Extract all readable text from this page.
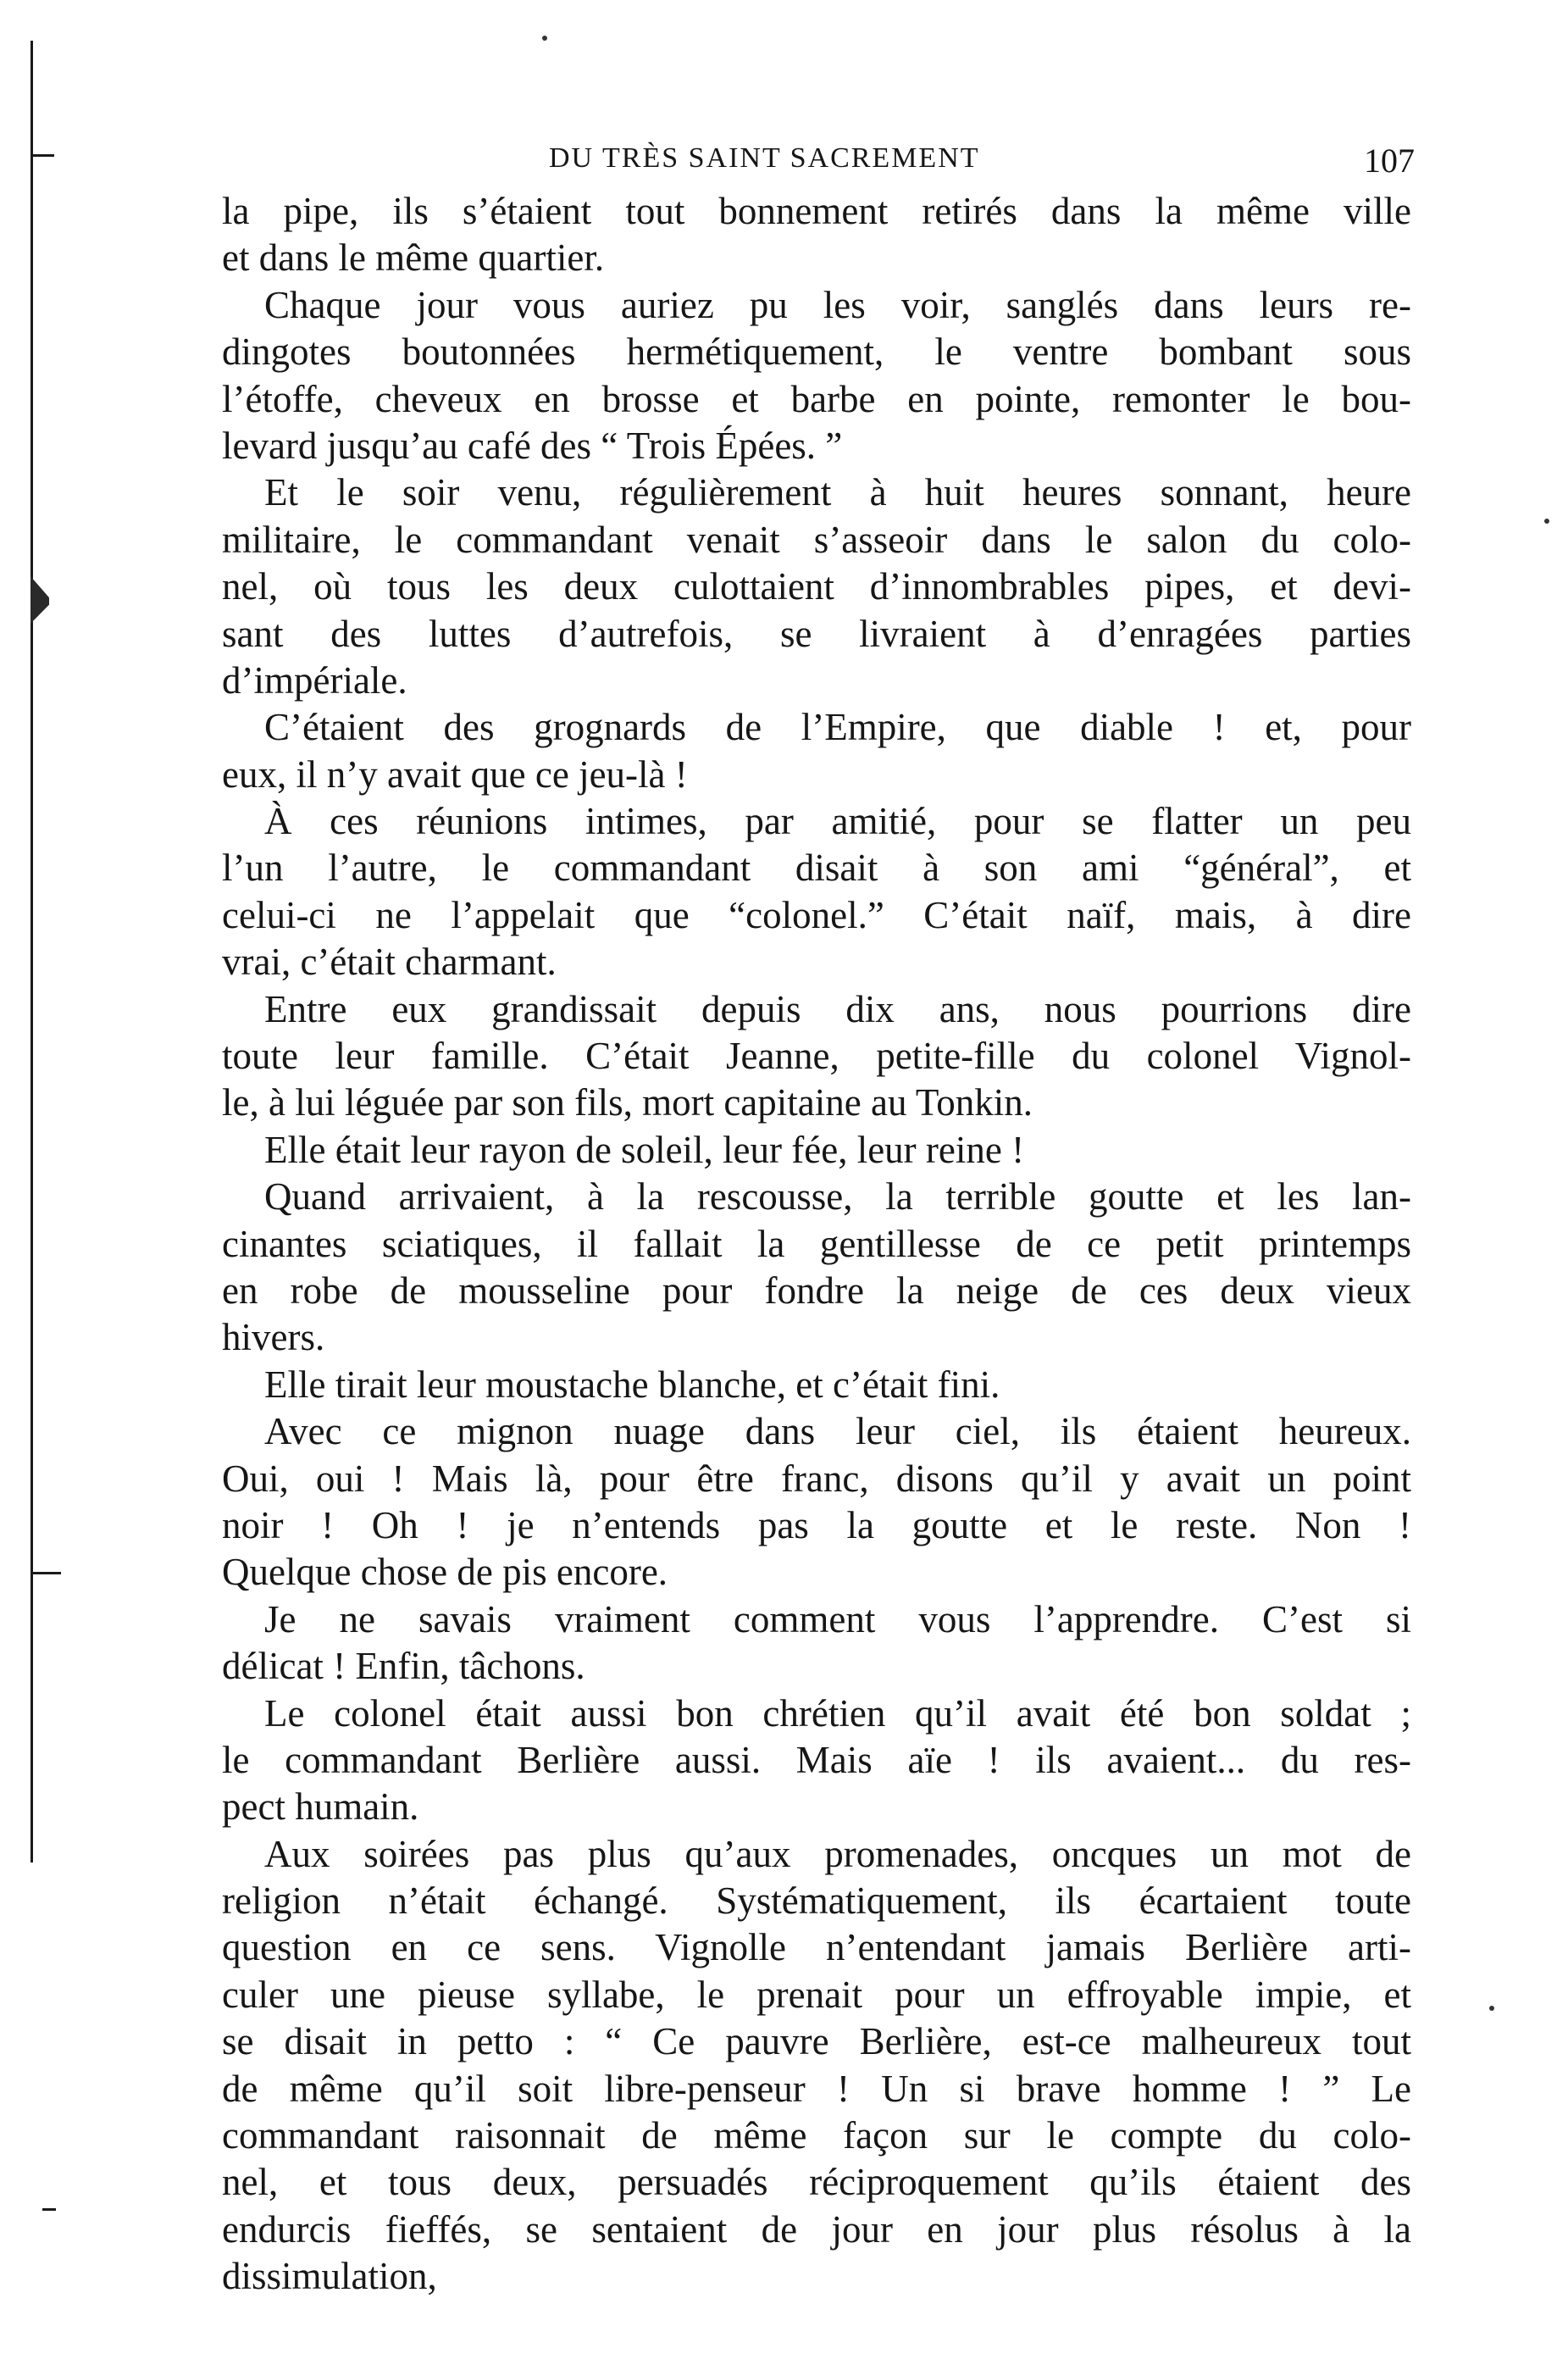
DU TRÈS SAINT SACREMENT	107
la pipe, ils s’étaient tout bonnement retirés dans la même ville
et dans le même quartier.
Chaque jour vous auriez pu les voir, sanglés dans leurs re-
dingotes boutonnées hermétiquement, le ventre bombant sous
l’étoffe, cheveux en brosse et barbe en pointe, remonter le bou-
levard jusqu’au café des “ Trois Épées. ”
Et le soir venu, régulièrement à huit heures sonnant, heure
militaire, le commandant venait s’asseoir dans le salon du colo-
nel, où tous les deux culottaient d’innombrables pipes, et devi-
sant des luttes d’autrefois, se livraient à d’enragées parties
d’impériale.
C’étaient des grognards de l’Empire, que diable ! et, pour
eux, il n’y avait que ce jeu-là !
À ces réunions intimes, par amitié, pour se flatter un peu
l’un l’autre, le commandant disait à son ami “général”, et
celui-ci ne l’appelait que “colonel.” C’était naïf, mais, à dire
vrai, c’était charmant.
Entre eux grandissait depuis dix ans, nous pourrions dire
toute leur famille. C’était Jeanne, petite-fille du colonel Vignol-
le, à lui léguée par son fils, mort capitaine au Tonkin.
Elle était leur rayon de soleil, leur fée, leur reine !
Quand arrivaient, à la rescousse, la terrible goutte et les lan-
cinantes sciatiques, il fallait la gentillesse de ce petit printemps
en robe de mousseline pour fondre la neige de ces deux vieux
hivers.
Elle tirait leur moustache blanche, et c’était fini.
Avec ce mignon nuage dans leur ciel, ils étaient heureux.
Oui, oui ! Mais là, pour être franc, disons qu’il y avait un point
noir ! Oh ! je n’entends pas la goutte et le reste. Non !
Quelque chose de pis encore.
Je ne savais vraiment comment vous l’apprendre. C’est si
délicat ! Enfin, tâchons.
Le colonel était aussi bon chrétien qu’il avait été bon soldat ;
le commandant Berlière aussi. Mais aïe ! ils avaient... du res-
pect humain.
Aux soirées pas plus qu’aux promenades, oncques un mot de
religion n’était échangé. Systématiquement, ils écartaient toute
question en ce sens. Vignolle n’entendant jamais Berlière arti-
culer une pieuse syllabe, le prenait pour un effroyable impie, et
se disait in petto : “ Ce pauvre Berlière, est-ce malheureux tout
de même qu’il soit libre-penseur ! Un si brave homme ! ” Le
commandant raisonnait de même façon sur le compte du colo-
nel, et tous deux, persuadés réciproquement qu’ils étaient des
endurcis fieffés, se sentaient de jour en jour plus résolus à la
dissimulation,
